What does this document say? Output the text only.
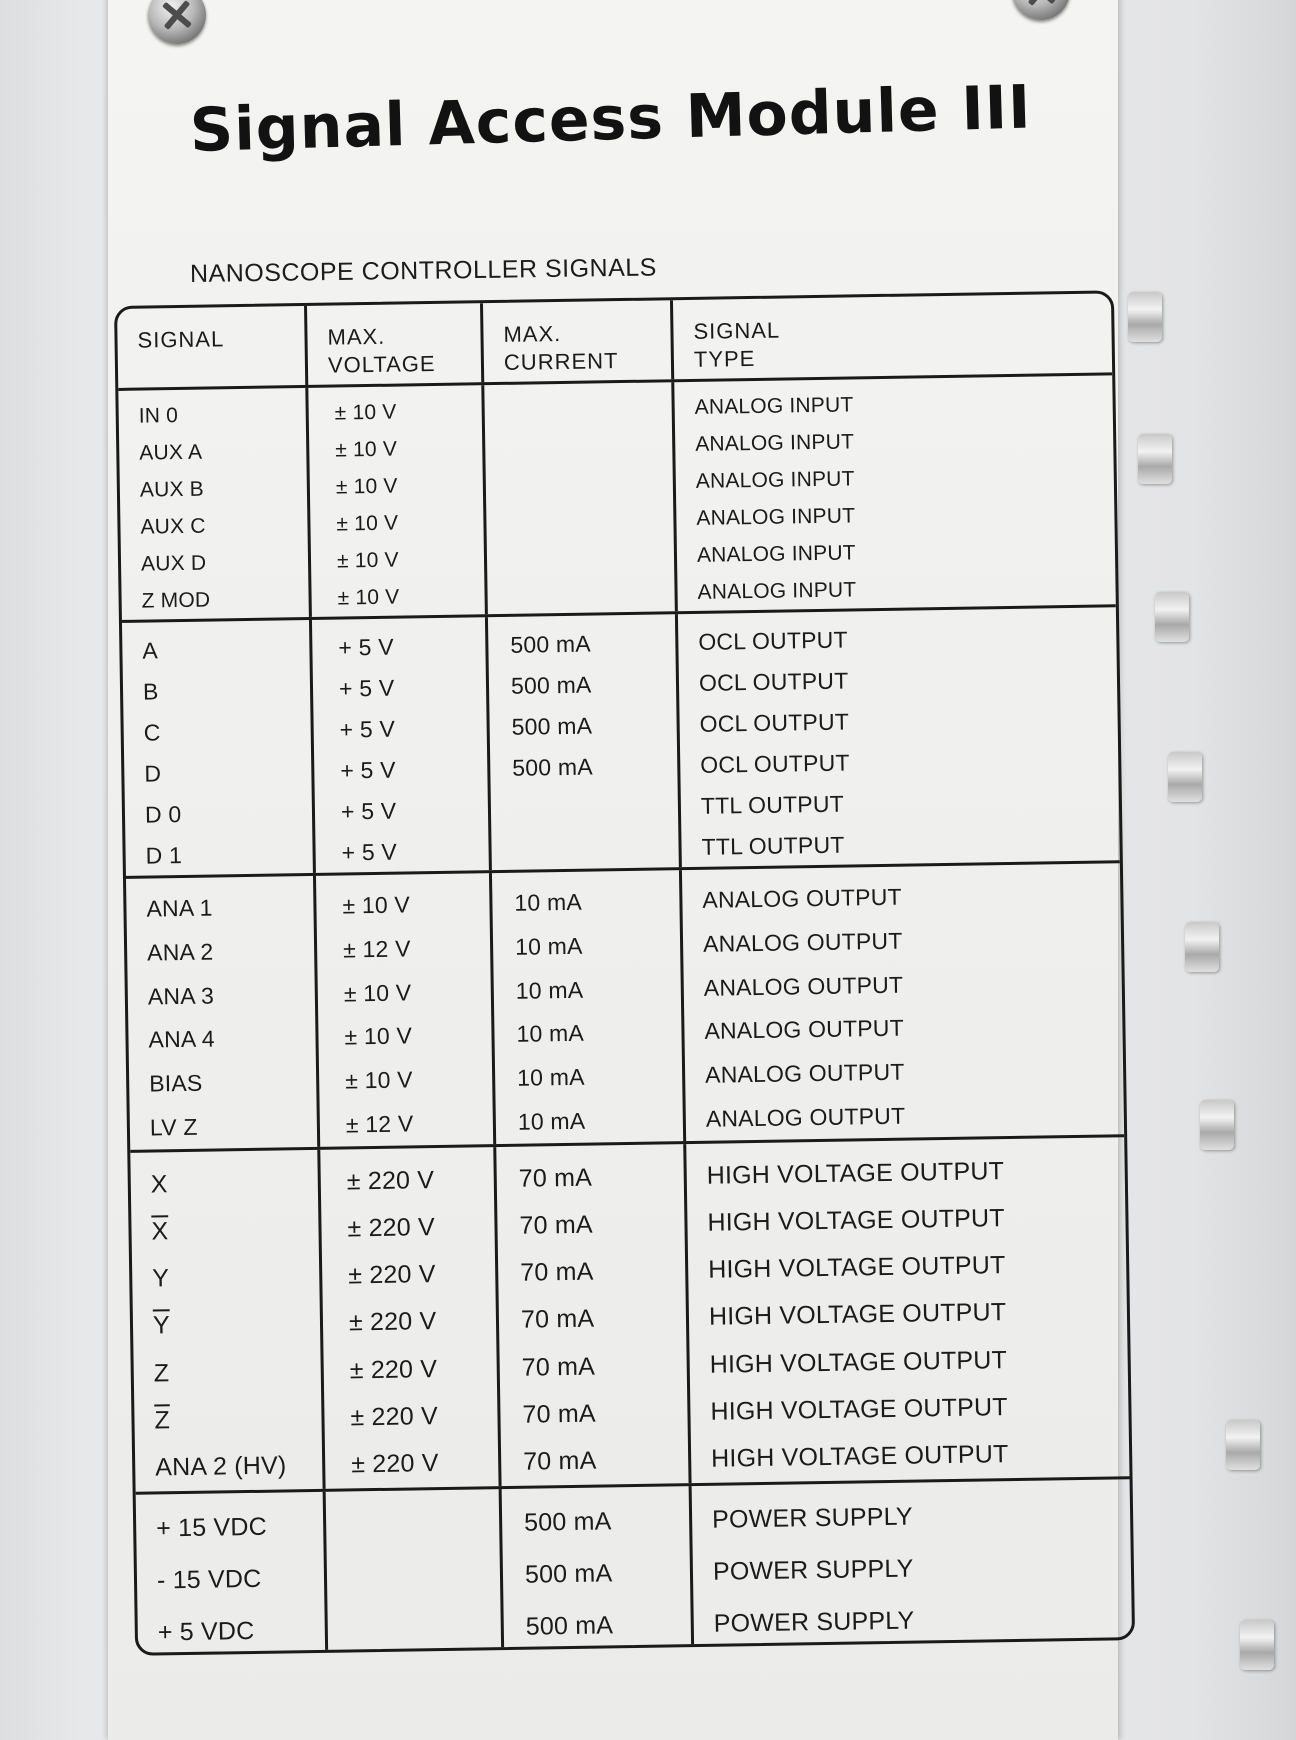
Signal Access Module III
NANOSCOPE CONTROLLER SIGNALS
SIGNAL	MAX.
VOLTAGE
MAX.
CURRENT
SIGNAL
TYPE
IN 0
AUX A
AUX B
AUX C
AUX D
Z MOD
± 10 V
± 10 V
± 10 V
± 10 V
± 10 V
± 10 V
ANALOG INPUT
ANALOG INPUT
ANALOG INPUT
ANALOG INPUT
ANALOG INPUT
ANALOG INPUT
A
B
C
D
D 0
D 1
+ 5 V
+ 5 V
+ 5 V
+ 5 V
+ 5 V
+ 5 V
500 mA
500 mA
500 mA
500 mA

OCL OUTPUT
OCL OUTPUT
OCL OUTPUT
OCL OUTPUT
TTL OUTPUT
TTL OUTPUT
ANA 1
ANA 2
ANA 3
ANA 4
BIAS
LV Z
± 10 V
± 12 V
± 10 V
± 10 V
± 10 V
± 12 V
10 mA
10 mA
10 mA
10 mA
10 mA
10 mA
ANALOG OUTPUT
ANALOG OUTPUT
ANALOG OUTPUT
ANALOG OUTPUT
ANALOG OUTPUT
ANALOG OUTPUT
X
$\overline{X}$
Y
$\overline{Y}$
Z
$\overline{Z}$
ANA 2 (HV)
± 220 V
± 220 V
± 220 V
± 220 V
± 220 V
± 220 V
± 220 V
70 mA
70 mA
70 mA
70 mA
70 mA
70 mA
70 mA
HIGH VOLTAGE OUTPUT
HIGH VOLTAGE OUTPUT
HIGH VOLTAGE OUTPUT
HIGH VOLTAGE OUTPUT
HIGH VOLTAGE OUTPUT
HIGH VOLTAGE OUTPUT
HIGH VOLTAGE OUTPUT
+ 15 VDC
- 15 VDC
+ 5 VDC
500 mA
500 mA
500 mA
POWER SUPPLY
POWER SUPPLY
POWER SUPPLY
